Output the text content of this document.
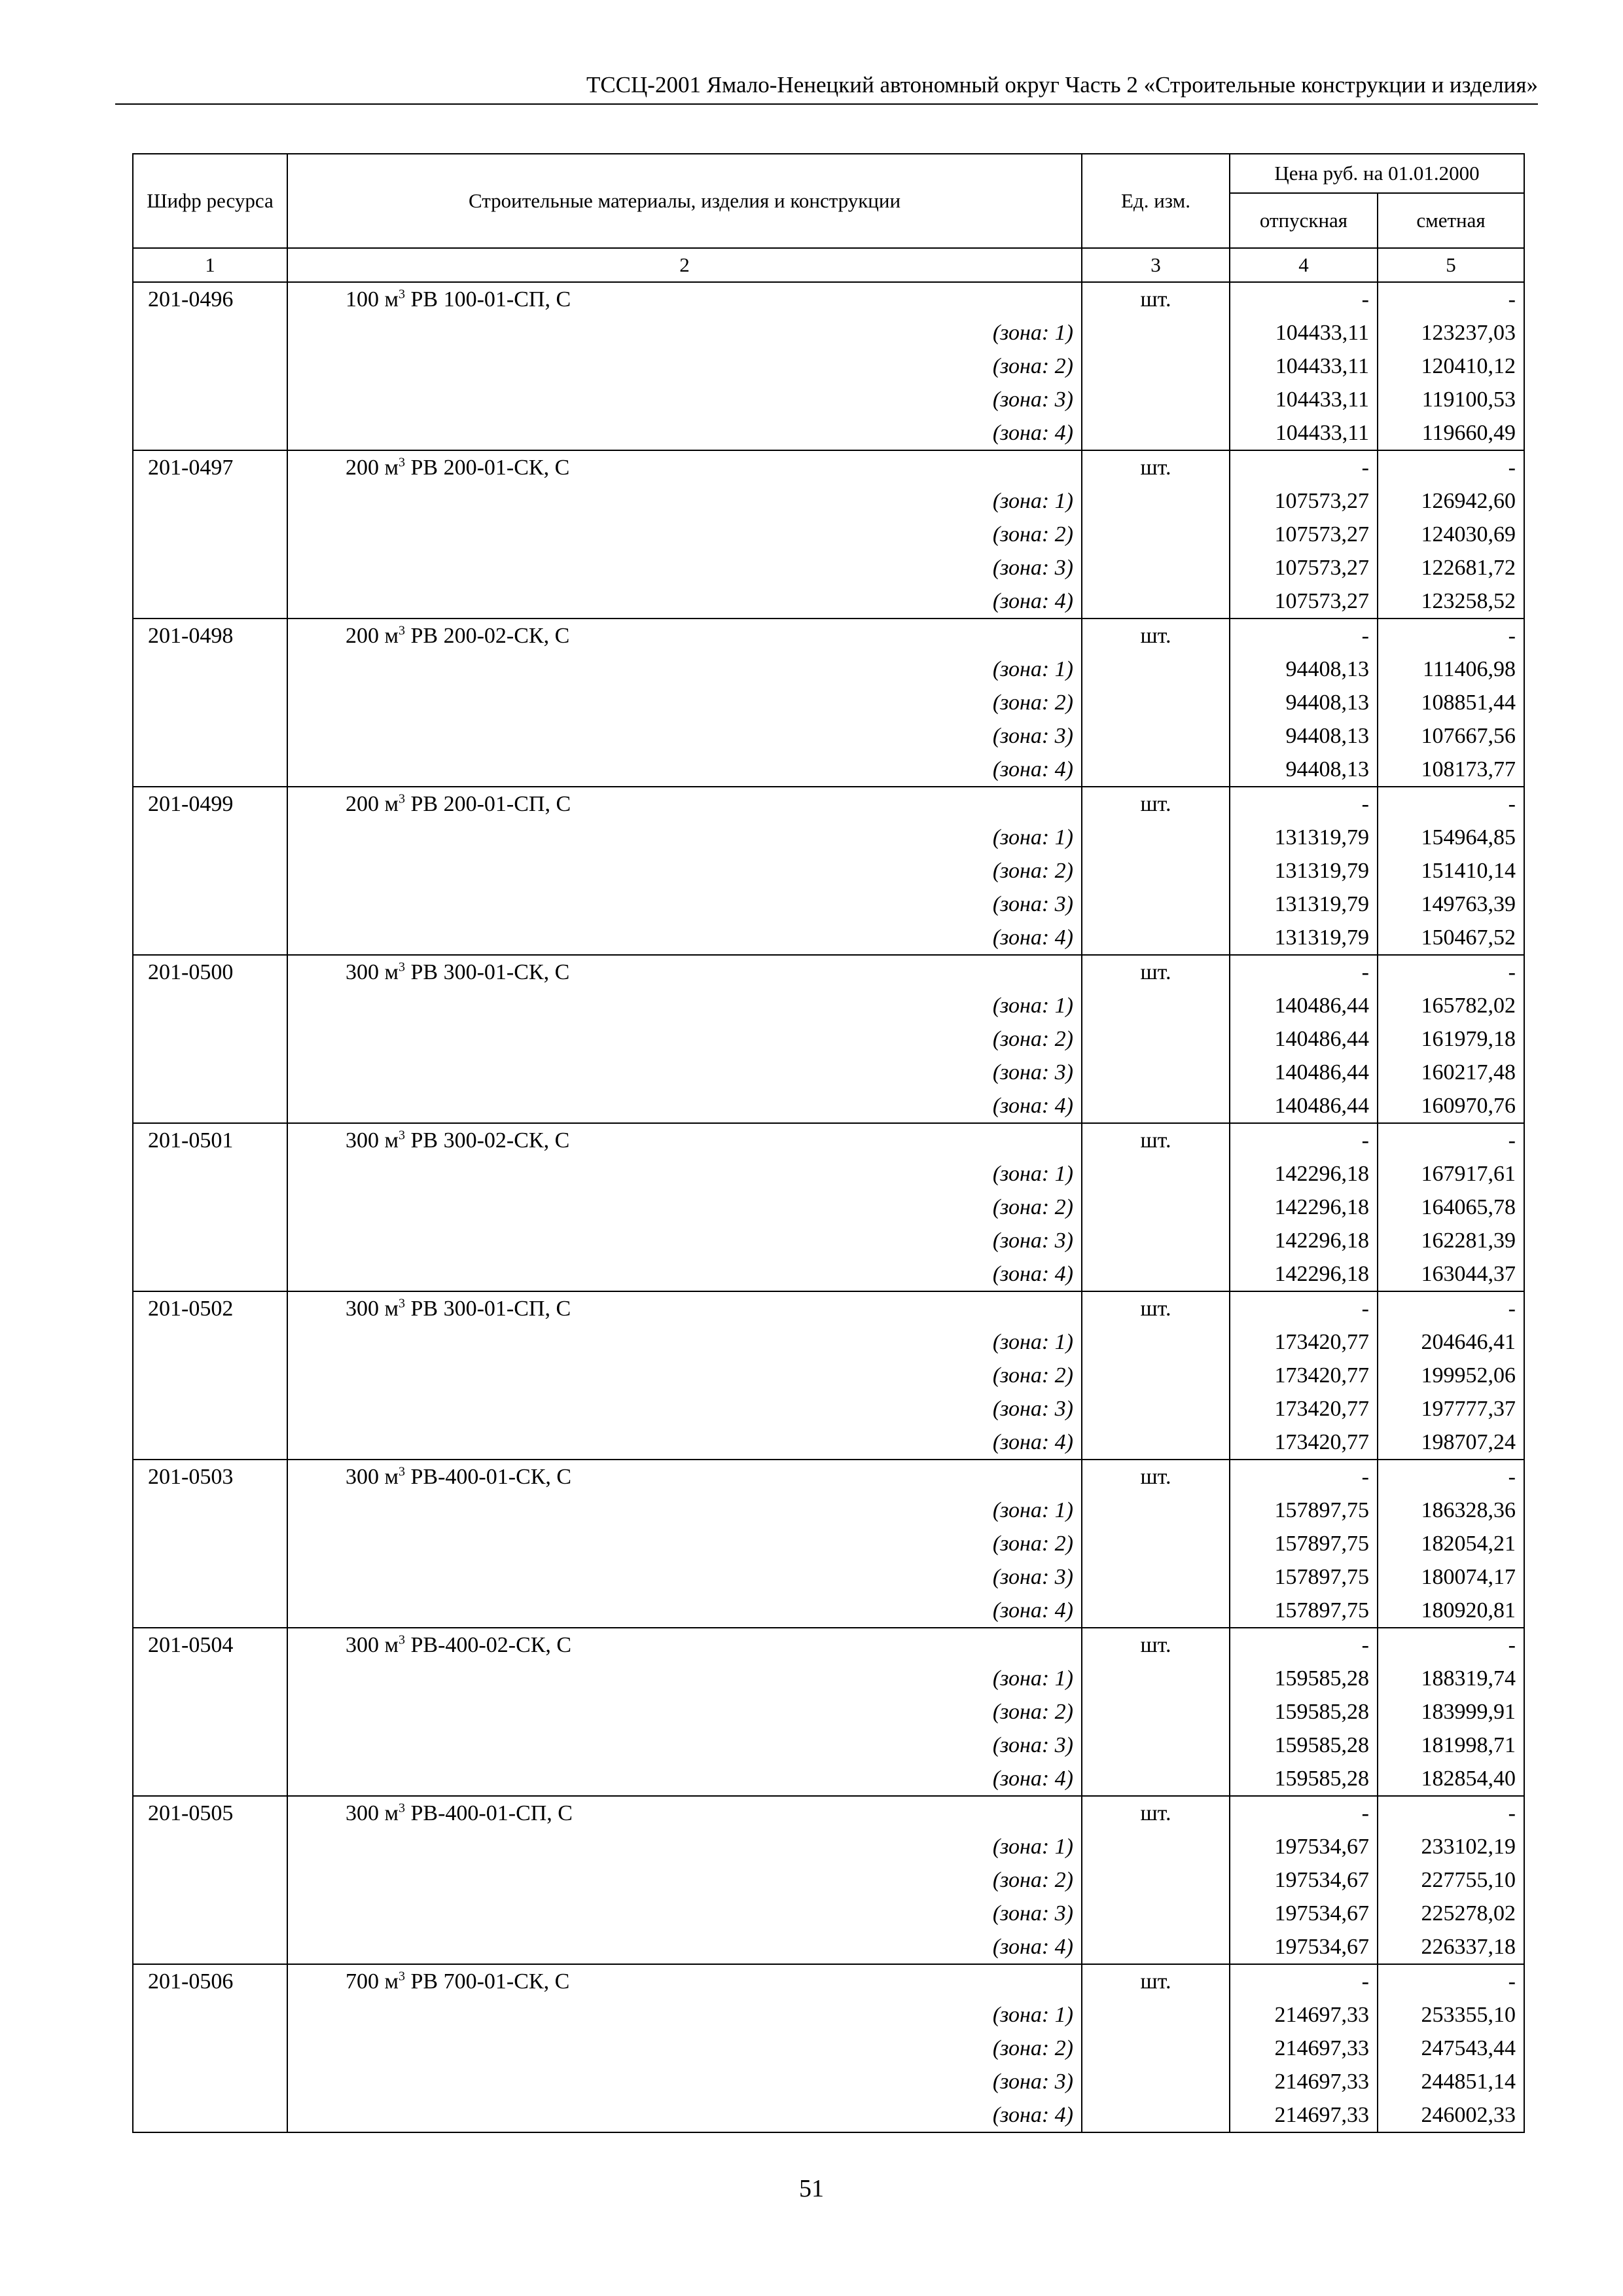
ТССЦ-2001 Ямало-Ненецкий автономный округ Часть 2 «Строительные конструкции и изделия»
Шифр ресурса	Строительные материалы, изделия и конструкции	Ед. изм.	Цена руб. на 01.01.2000	
			отпускная	сметная
1	2	3	4	5
201-0496	100 $м^3$ РВ 100-01-СП, С	шт.	-	-
	(зона: 1)		104433,11	123237,03
	(зона: 2)		104433,11	120410,12
	(зона: 3)		104433,11	119100,53
	(зона: 4)		104433,11	119660,49
201-0497	200 $м^3$ РВ 200-01-СК, С	шт.	-	-
	(зона: 1)		107573,27	126942,60
	(зона: 2)		107573,27	124030,69
	(зона: 3)		107573,27	122681,72
	(зона: 4)		107573,27	123258,52
201-0498	200 $м^3$ РВ 200-02-СК, С	шт.	-	-
	(зона: 1)		94408,13	111406,98
	(зона: 2)		94408,13	108851,44
	(зона: 3)		94408,13	107667,56
	(зона: 4)		94408,13	108173,77
201-0499	200 $м^3$ РВ 200-01-СП, С	шт.	-	-
	(зона: 1)		131319,79	154964,85
	(зона: 2)		131319,79	151410,14
	(зона: 3)		131319,79	149763,39
	(зона: 4)		131319,79	150467,52
201-0500	300 $м^3$ РВ 300-01-СК, С	шт.	-	-
	(зона: 1)		140486,44	165782,02
	(зона: 2)		140486,44	161979,18
	(зона: 3)		140486,44	160217,48
	(зона: 4)		140486,44	160970,76
201-0501	300 $м^3$ РВ 300-02-СК, С	шт.	-	-
	(зона: 1)		142296,18	167917,61
	(зона: 2)		142296,18	164065,78
	(зона: 3)		142296,18	162281,39
	(зона: 4)		142296,18	163044,37
201-0502	300 $м^3$ РВ 300-01-СП, С	шт.	-	-
	(зона: 1)		173420,77	204646,41
	(зона: 2)		173420,77	199952,06
	(зона: 3)		173420,77	197777,37
	(зона: 4)		173420,77	198707,24
201-0503	300 $м^3$ РВ-400-01-СК, С	шт.	-	-
	(зона: 1)		157897,75	186328,36
	(зона: 2)		157897,75	182054,21
	(зона: 3)		157897,75	180074,17
	(зона: 4)		157897,75	180920,81
201-0504	300 $м^3$ РВ-400-02-СК, С	шт.	-	-
	(зона: 1)		159585,28	188319,74
	(зона: 2)		159585,28	183999,91
	(зона: 3)		159585,28	181998,71
	(зона: 4)		159585,28	182854,40
201-0505	300 $м^3$ РВ-400-01-СП, С	шт.	-	-
	(зона: 1)		197534,67	233102,19
	(зона: 2)		197534,67	227755,10
	(зона: 3)		197534,67	225278,02
	(зона: 4)		197534,67	226337,18
201-0506	700 $м^3$ РВ 700-01-СК, С	шт.	-	-
	(зона: 1)		214697,33	253355,10
	(зона: 2)		214697,33	247543,44
	(зона: 3)		214697,33	244851,14
	(зона: 4)		214697,33	246002,33
51
